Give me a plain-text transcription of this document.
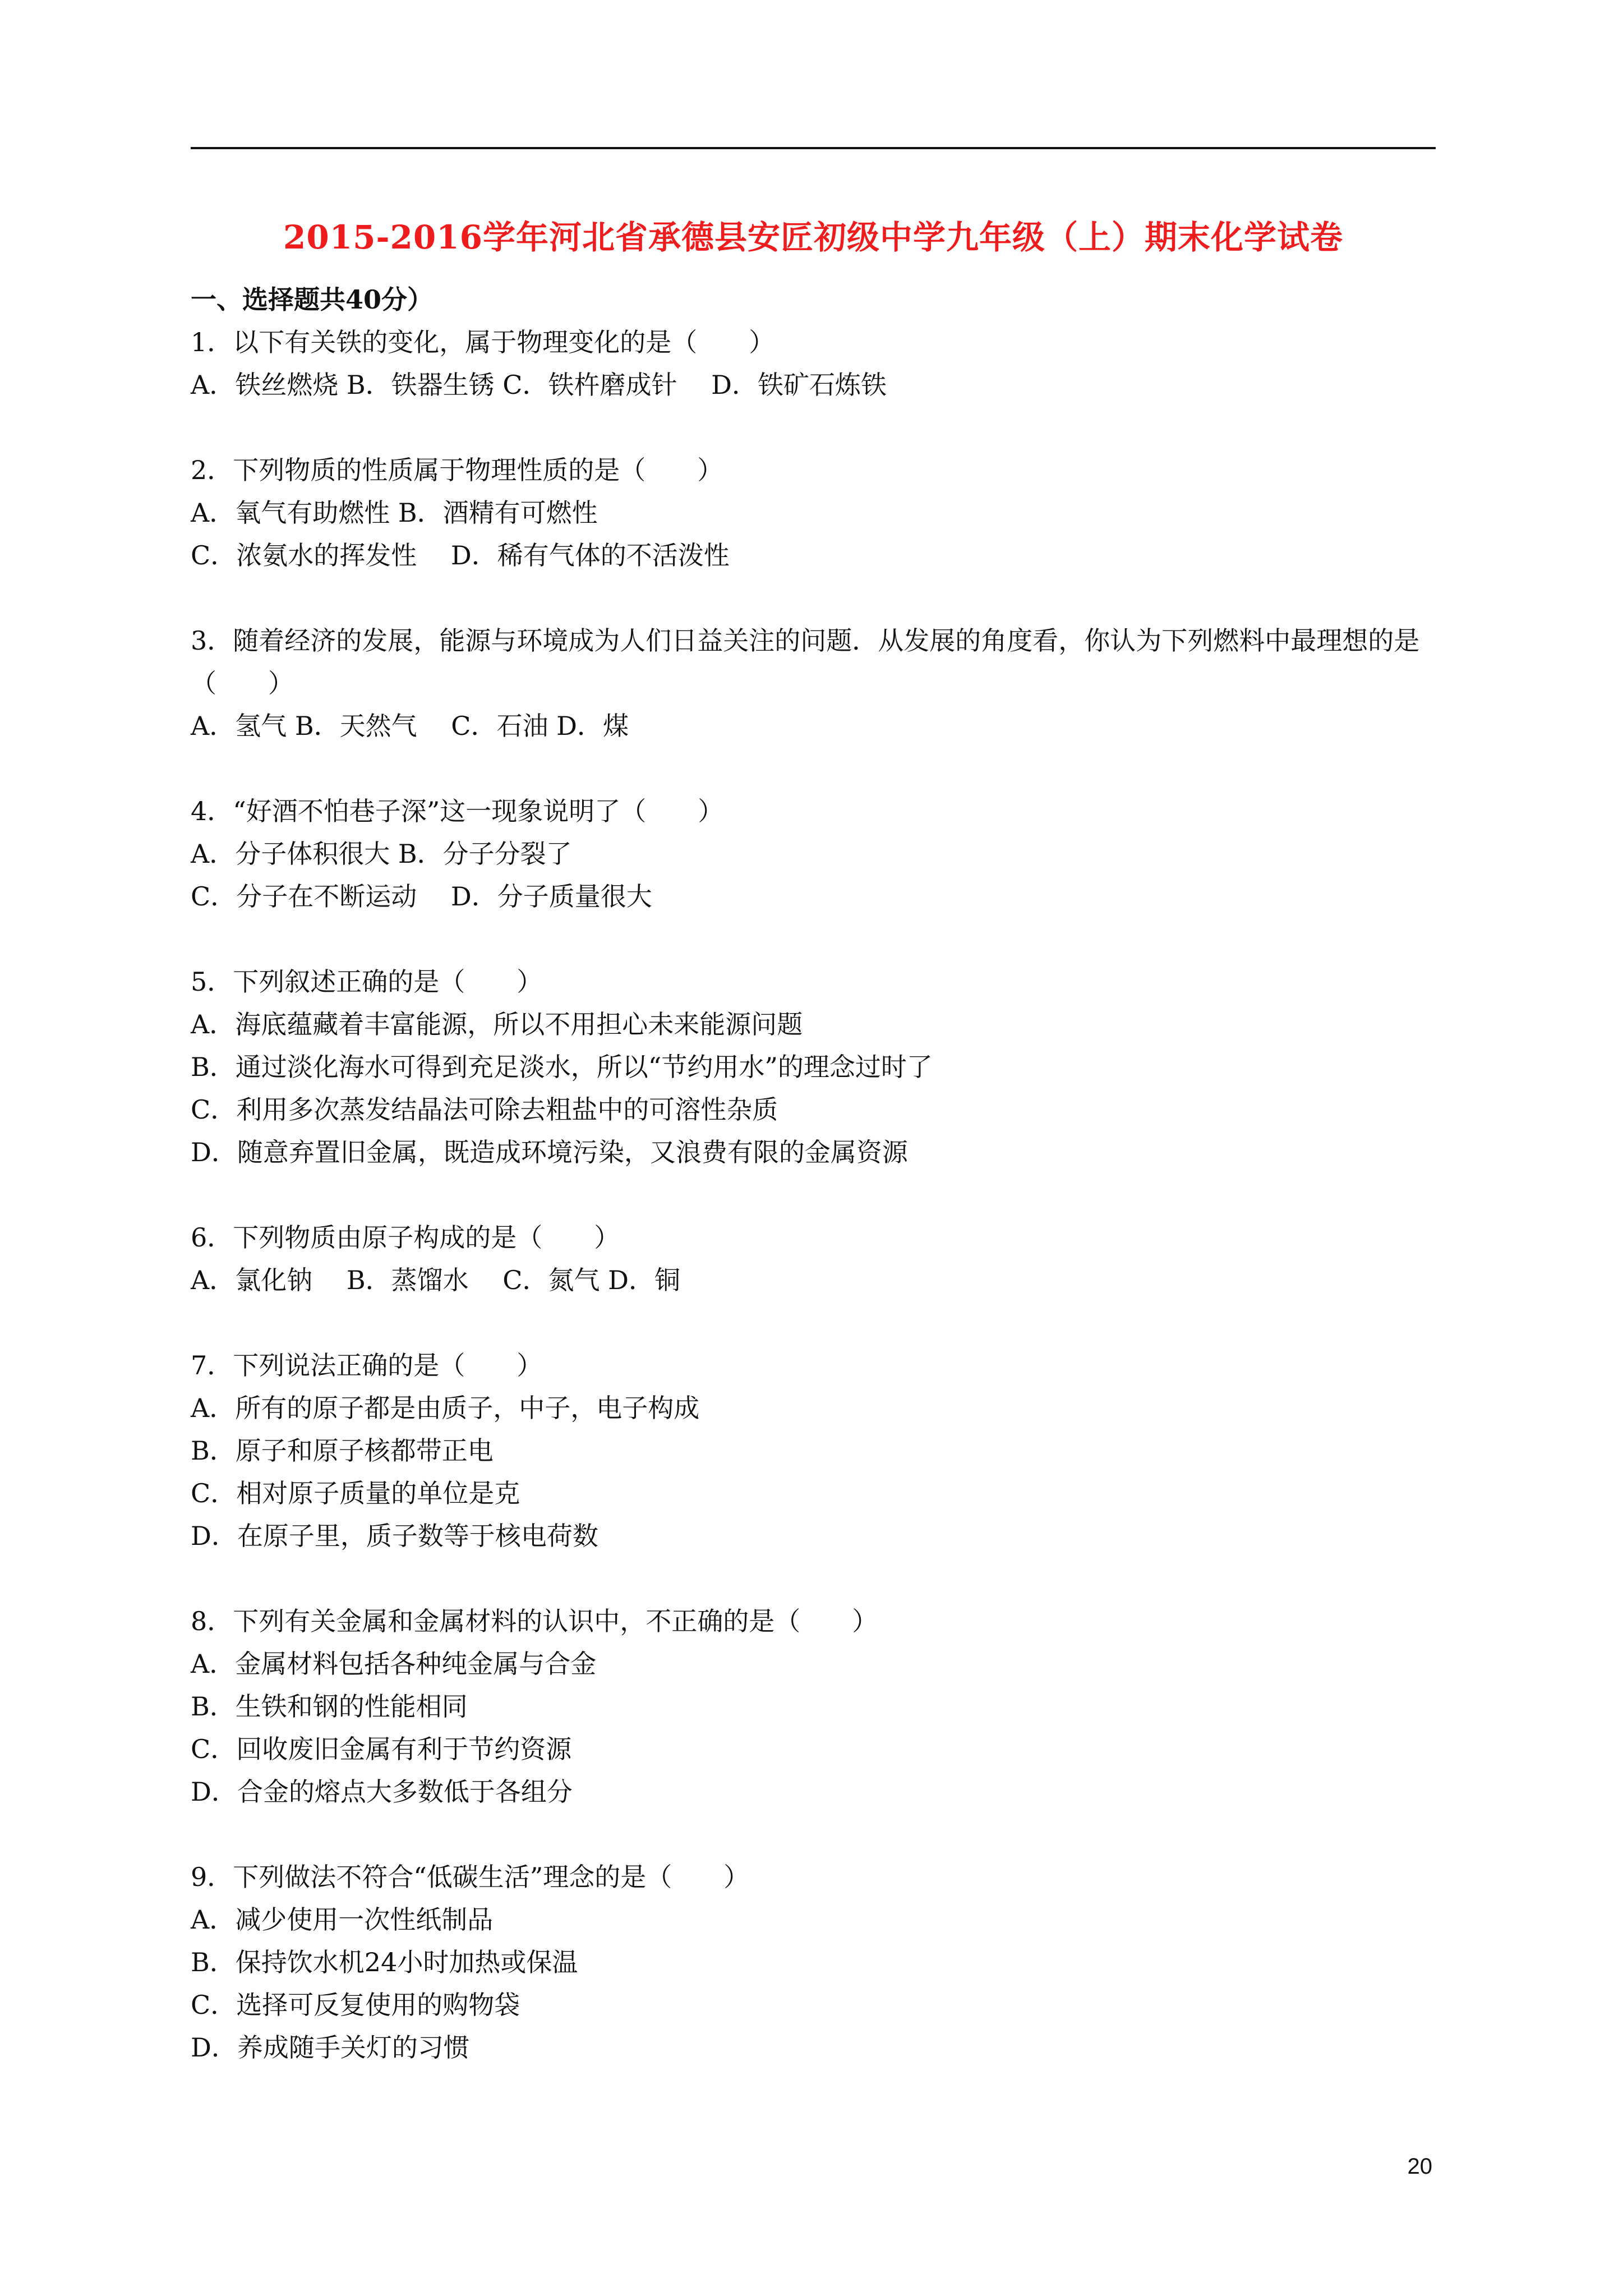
2015-2016学年河北省承德县安匠初级中学九年级（上）期末化学试卷
一、选择题共40分）
1．以下有关铁的变化，属于物理变化的是（　　）
A．铁丝燃烧 B．铁器生锈 C．铁杵磨成针　 D．铁矿石炼铁
2．下列物质的性质属于物理性质的是（　　）
A．氧气有助燃性 B．酒精有可燃性
C．浓氨水的挥发性　 D．稀有气体的不活泼性
3．随着经济的发展，能源与环境成为人们日益关注的问题．从发展的角度看，你认为下列燃料中最理想的是（　　）
A．氢气 B．天然气　 C．石油 D．煤
4．“好酒不怕巷子深”这一现象说明了（　　）
A．分子体积很大 B．分子分裂了
C．分子在不断运动　 D．分子质量很大
5．下列叙述正确的是（　　）
A．海底蕴藏着丰富能源，所以不用担心未来能源问题
B．通过淡化海水可得到充足淡水，所以“节约用水”的理念过时了
C．利用多次蒸发结晶法可除去粗盐中的可溶性杂质
D．随意弃置旧金属，既造成环境污染，又浪费有限的金属资源
6．下列物质由原子构成的是（　　）
A．氯化钠　 B．蒸馏水　 C．氮气 D．铜
7．下列说法正确的是（　　）
A．所有的原子都是由质子，中子，电子构成
B．原子和原子核都带正电
C．相对原子质量的单位是克
D．在原子里，质子数等于核电荷数
8．下列有关金属和金属材料的认识中，不正确的是（　　）
A．金属材料包括各种纯金属与合金
B．生铁和钢的性能相同
C．回收废旧金属有利于节约资源
D．合金的熔点大多数低于各组分
9．下列做法不符合“低碳生活”理念的是（　　）
A．减少使用一次性纸制品
B．保持饮水机24小时加热或保温
C．选择可反复使用的购物袋
D．养成随手关灯的习惯
20
